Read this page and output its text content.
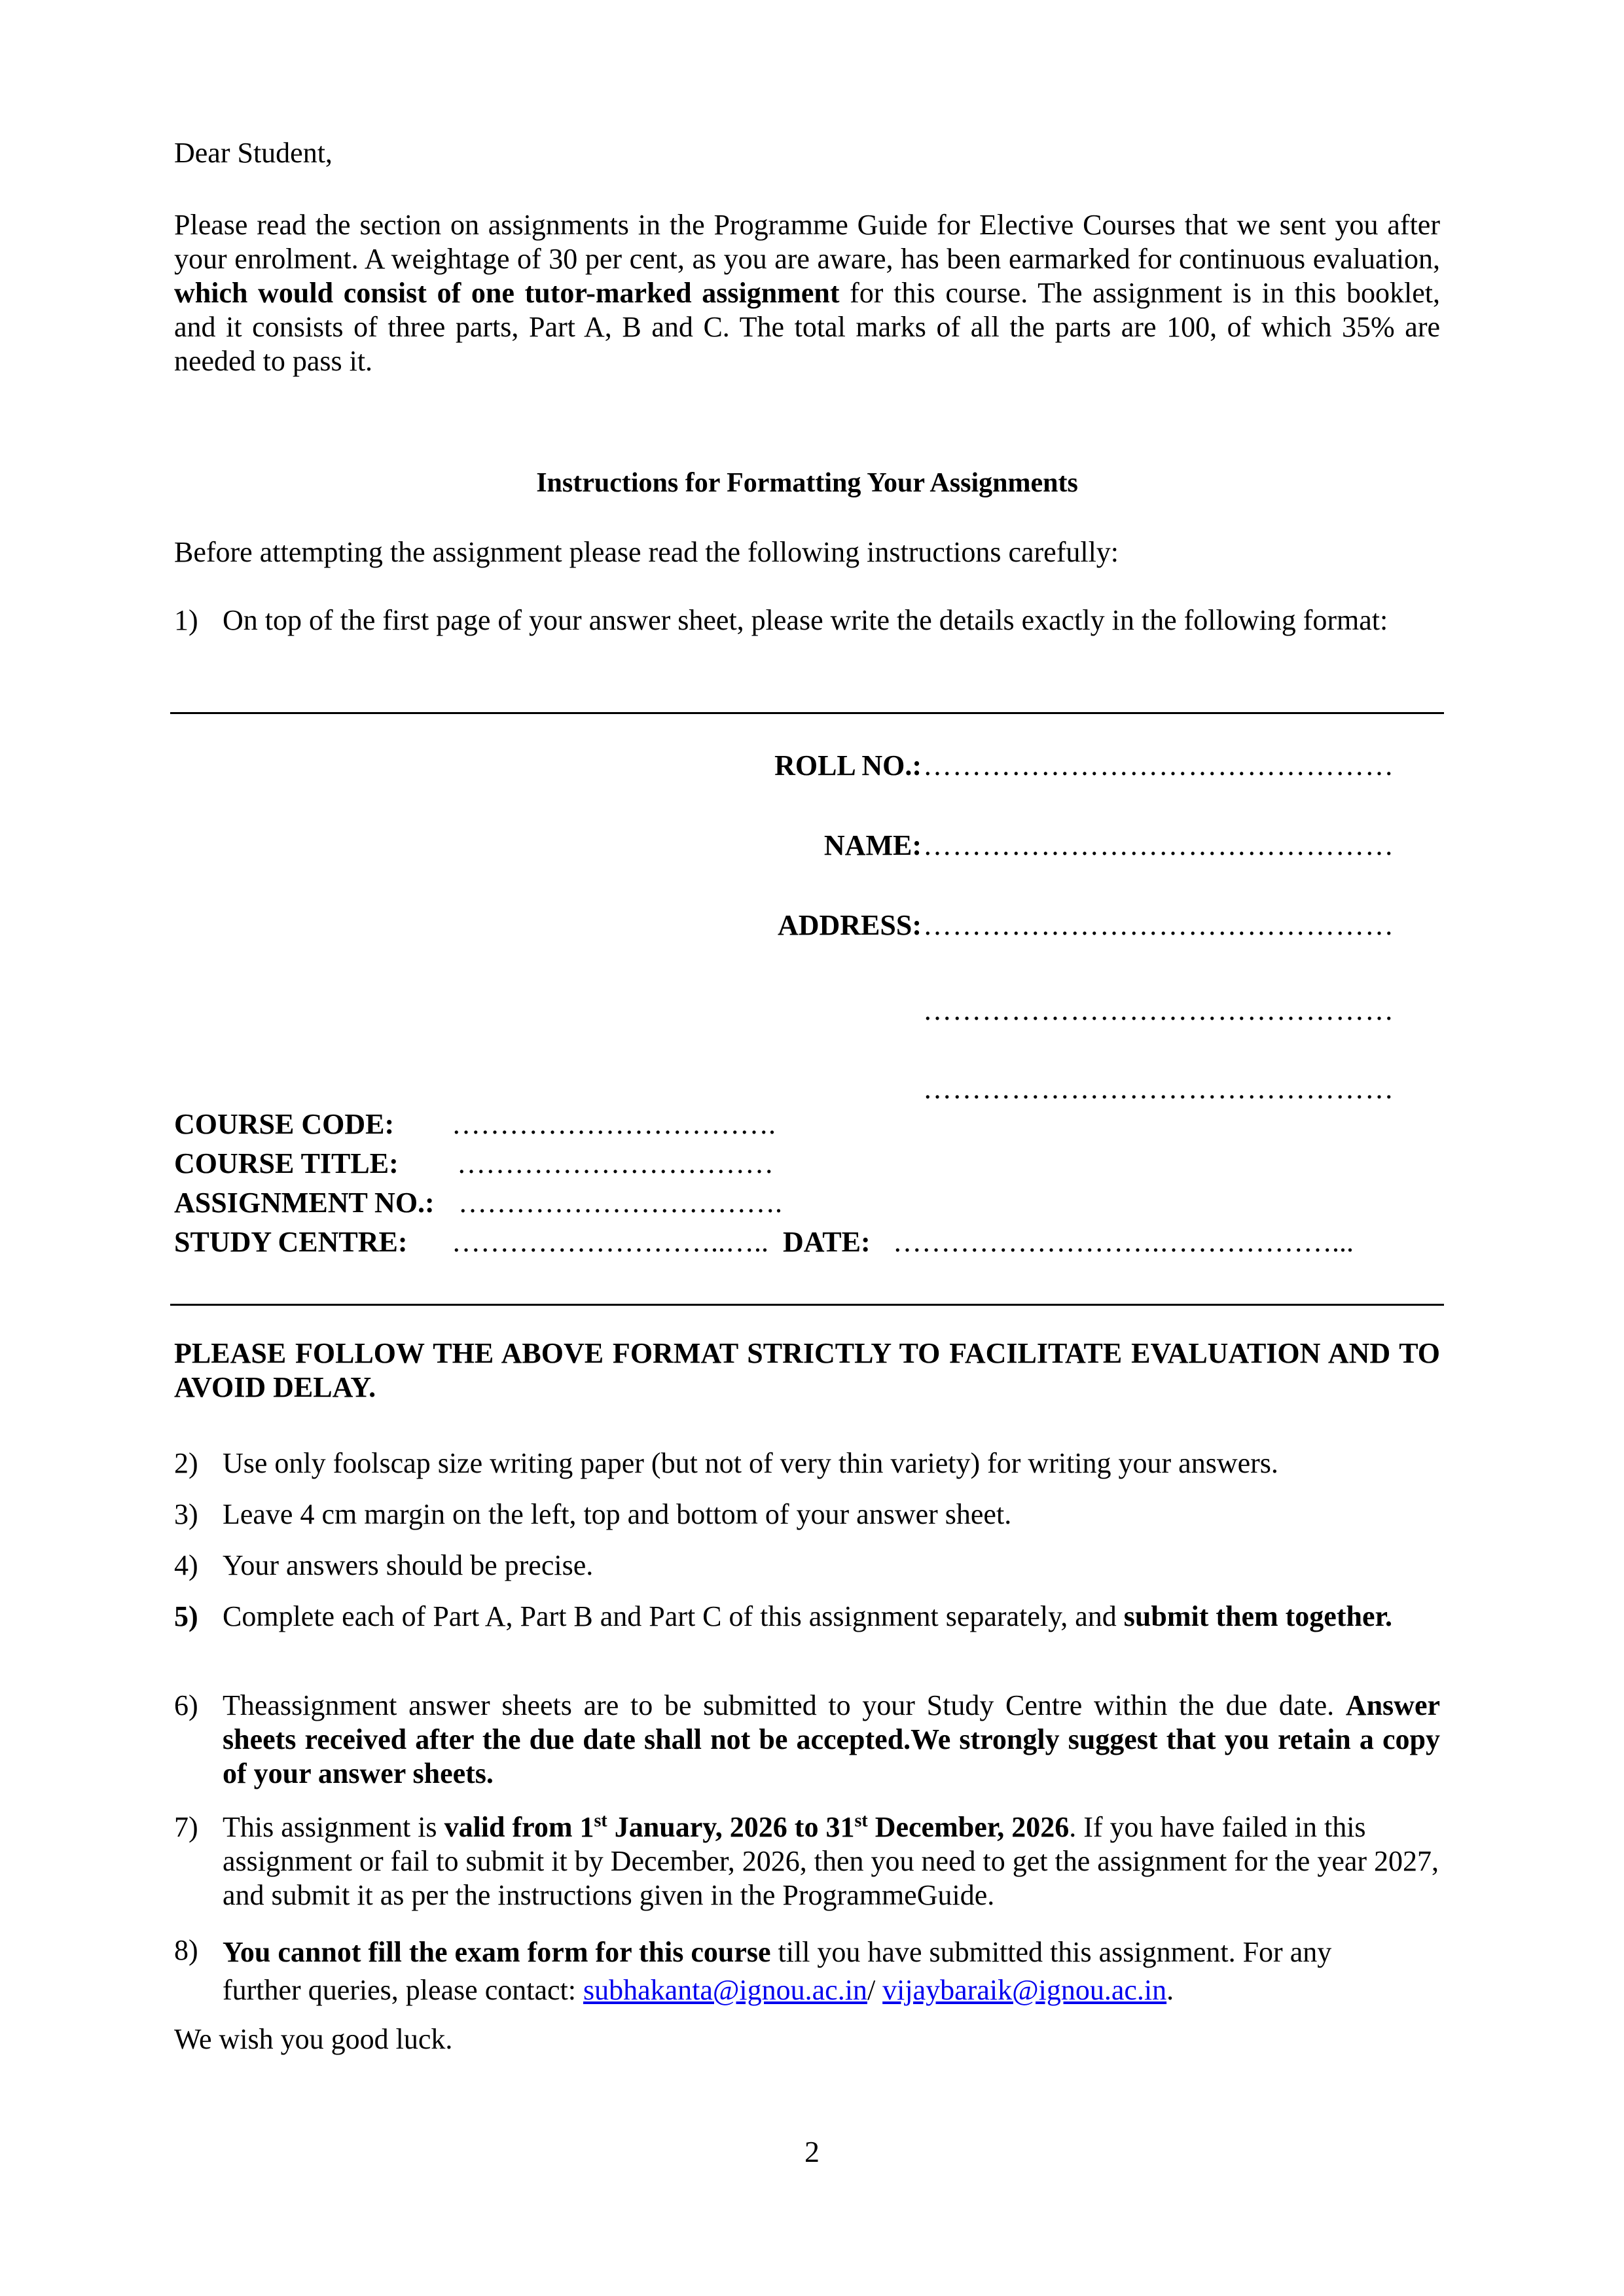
Dear Student,

Please read the section on assignments in the Programme Guide for Elective Courses that we sent you after your enrolment. A weightage of 30 per cent, as you are aware, has been earmarked for continuous evaluation, which would consist of one tutor-marked assignment for this course. The assignment is in this booklet, and it consists of three parts, Part A, B and C. The total marks of all the parts are 100, of which 35% are needed to pass it.

Instructions for Formatting Your Assignments

Before attempting the assignment please read the following instructions carefully:

1) On top of the first page of your answer sheet, please write the details exactly in the following format:
ROLL NO.: …………………………………………
NAME: …………………………………………
ADDRESS: …………………………………………
…………………………………………
…………………………………………
COURSE CODE: …………………………….
COURSE TITLE: ……………………………
ASSIGNMENT NO.: …………………………….
STUDY CENTRE: ………………………..….. DATE: ……………………….………………...
PLEASE FOLLOW THE ABOVE FORMAT STRICTLY TO FACILITATE EVALUATION AND TO AVOID DELAY.
2) Use only foolscap size writing paper (but not of very thin variety) for writing your answers.
3) Leave 4 cm margin on the left, top and bottom of your answer sheet.
4) Your answers should be precise.
5) Complete each of Part A, Part B and Part C of this assignment separately, and submit them together.
6) Theassignment answer sheets are to be submitted to your Study Centre within the due date. Answer sheets received after the due date shall not be accepted.We strongly suggest that you retain a copy of your answer sheets.
7) This assignment is valid from 1st January, 2026 to 31st December, 2026. If you have failed in this assignment or fail to submit it by December, 2026, then you need to get the assignment for the year 2027, and submit it as per the instructions given in the ProgrammeGuide.
8) You cannot fill the exam form for this course till you have submitted this assignment. For any further queries, please contact: subhakanta@ignou.ac.in/ vijaybaraik@ignou.ac.in.
We wish you good luck.
2
